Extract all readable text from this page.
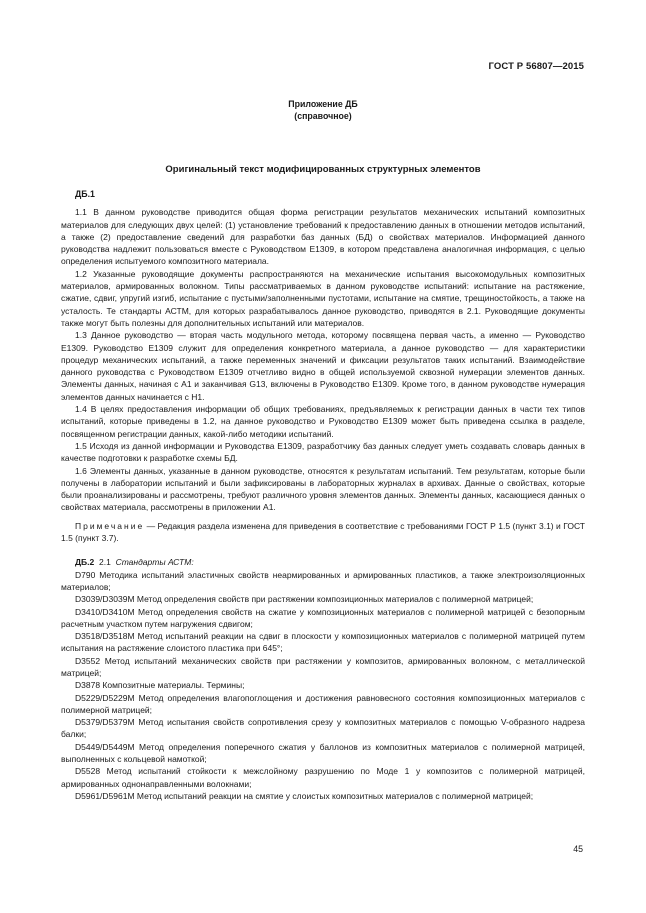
ГОСТ Р 56807—2015
Приложение ДБ
(справочное)
Оригинальный текст модифицированных структурных элементов
ДБ.1

1.1 В данном руководстве приводится общая форма регистрации результатов механических испытаний композитных материалов для следующих двух целей: (1) установление требований к предоставлению данных в отношении методов испытаний, а также (2) предоставление сведений для разработки баз данных (БД) о свойствах материалов. Информацией данного руководства надлежит пользоваться вместе с Руководством Е1309, в котором представлена аналогичная информация, с целью определения испытуемого композитного материала.

1.2 Указанные руководящие документы распространяются на механические испытания высокомодульных композитных материалов, армированных волокном. Типы рассматриваемых в данном руководстве испытаний: испытание на растяжение, сжатие, сдвиг, упругий изгиб, испытание с пустыми/заполненными пустотами, испытание на смятие, трещиностойкость, а также на усталость. Те стандарты АСТМ, для которых разрабатывалось данное руководство, приводятся в 2.1. Руководящие документы также могут быть полезны для дополнительных испытаний или материалов.

1.3 Данное руководство — вторая часть модульного метода, которому посвящена первая часть, а именно — Руководство Е1309. Руководство Е1309 служит для определения конкретного материала, а данное руководство — для характеристики процедур механических испытаний, а также переменных значений и фиксации результатов таких испытаний. Взаимодействие данного руководства с Руководством Е1309 отчетливо видно в общей используемой сквозной нумерации элементов данных. Элементы данных, начиная с А1 и заканчивая G13, включены в Руководство Е1309. Кроме того, в данном руководстве нумерация элементов данных начинается с Н1.

1.4 В целях предоставления информации об общих требованиях, предъявляемых к регистрации данных в части тех типов испытаний, которые приведены в 1.2, на данное руководство и Руководство Е1309 может быть приведена ссылка в разделе, посвященном регистрации данных, какой-либо методики испытаний.

1.5 Исходя из данной информации и Руководства Е1309, разработчику баз данных следует уметь создавать словарь данных в качестве подготовки к разработке схемы БД.

1.6 Элементы данных, указанные в данном руководстве, относятся к результатам испытаний. Тем результатам, которые были получены в лаборатории испытаний и были зафиксированы в лабораторных журналах в архивах. Данные о свойствах, которые были проанализированы и рассмотрены, требуют различного уровня элементов данных. Элементы данных, касающиеся данных о свойствах материала, рассмотрены в приложении А1.

Примечание — Редакция раздела изменена для приведения в соответствие с требованиями ГОСТ Р 1.5 (пункт 3.1) и ГОСТ 1.5 (пункт 3.7).

ДБ.2 2.1 Стандарты АСТМ:

D790 Методика испытаний эластичных свойств неармированных и армированных пластиков, а также электроизоляционных материалов;

D3039/D3039M Метод определения свойств при растяжении композиционных материалов с полимерной матрицей;

D3410/D3410M Метод определения свойств на сжатие у композиционных материалов с полимерной матрицей с безопорным расчетным участком путем нагружения сдвигом;

D3518/D3518M Метод испытаний реакции на сдвиг в плоскости у композиционных материалов с полимерной матрицей путем испытания на растяжение слоистого пластика при 645°;

D3552 Метод испытаний механических свойств при растяжении у композитов, армированных волокном, с металлической матрицей;

D3878 Композитные материалы. Термины;

D5229/D5229M Метод определения влагопоглощения и достижения равновесного состояния композиционных материалов с полимерной матрицей;

D5379/D5379M Метод испытания свойств сопротивления срезу у композитных материалов с помощью V-образного надреза балки;

D5449/D5449M Метод определения поперечного сжатия у баллонов из композитных материалов с полимерной матрицей, выполненных с кольцевой намоткой;

D5528 Метод испытаний стойкости к межслойному разрушению по Моде 1 у композитов с полимерной матрицей, армированных однонаправленными волокнами;

D5961/D5961M Метод испытаний реакции на смятие у слоистых композитных материалов с полимерной матрицей;

45
